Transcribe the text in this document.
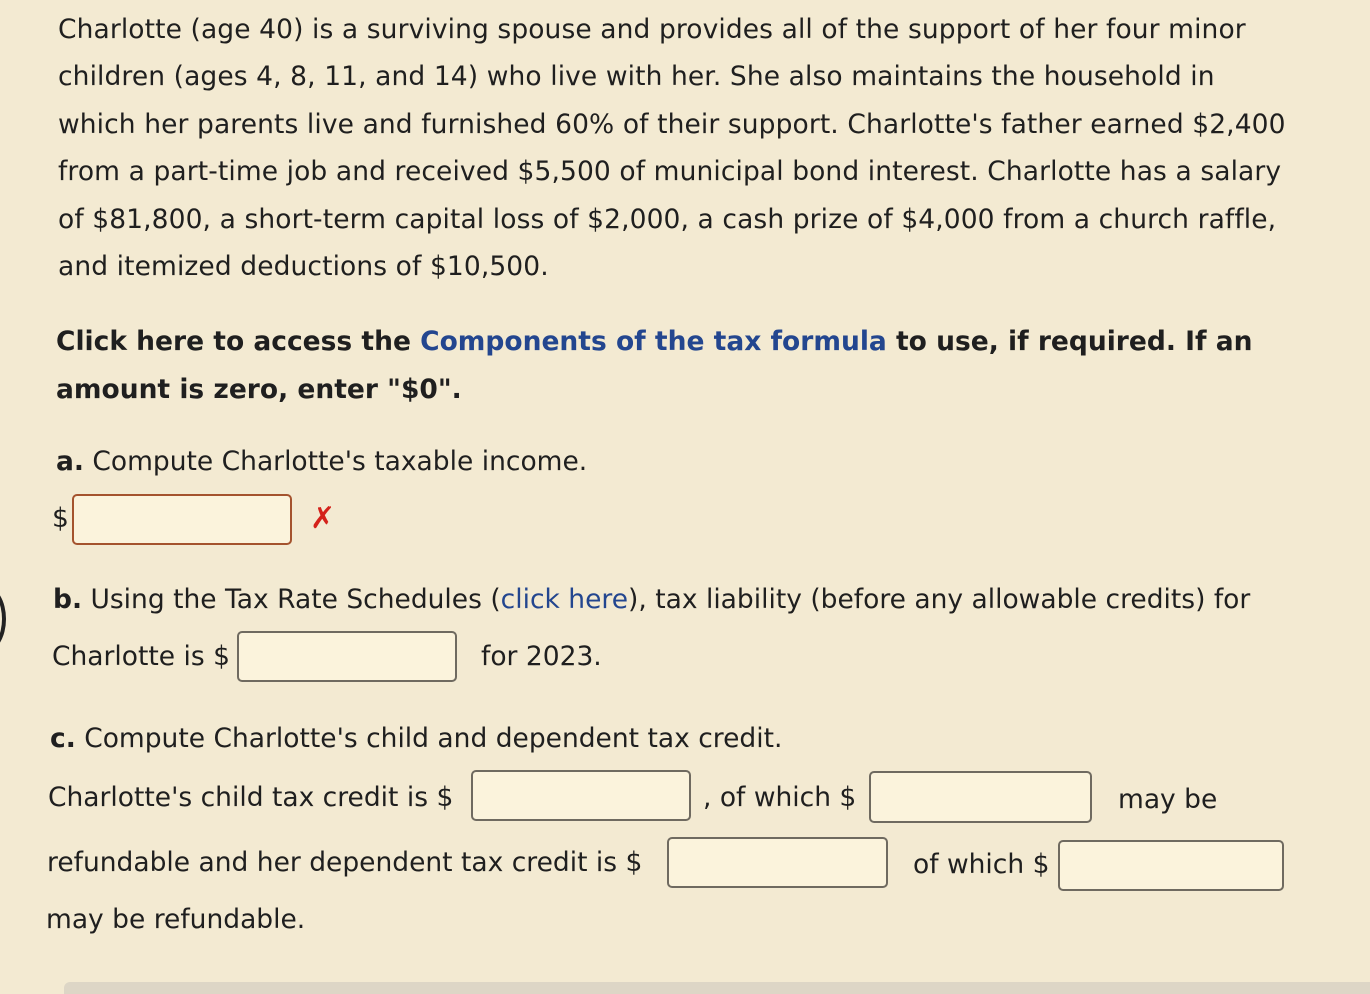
Charlotte (age 40) is a surviving spouse and provides all of the support of her four minor
children (ages 4, 8, 11, and 14) who live with her. She also maintains the household in
which her parents live and furnished 60% of their support. Charlotte's father earned $2,400
from a part-time job and received $5,500 of municipal bond interest. Charlotte has a salary
of $81,800, a short-term capital loss of $2,000, a cash prize of $4,000 from a church raffle,
and itemized deductions of $10,500.
Click here to access the Components of the tax formula to use, if required. If an
amount is zero, enter "$0".
a. Compute Charlotte's taxable income.
$	✗
b. Using the Tax Rate Schedules (click here), tax liability (before any allowable credits) for
Charlotte is $	for 2023.
c. Compute Charlotte's child and dependent tax credit.
Charlotte's child tax credit is $	, of which $	may be
refundable and her dependent tax credit is $	of which $
may be refundable.
